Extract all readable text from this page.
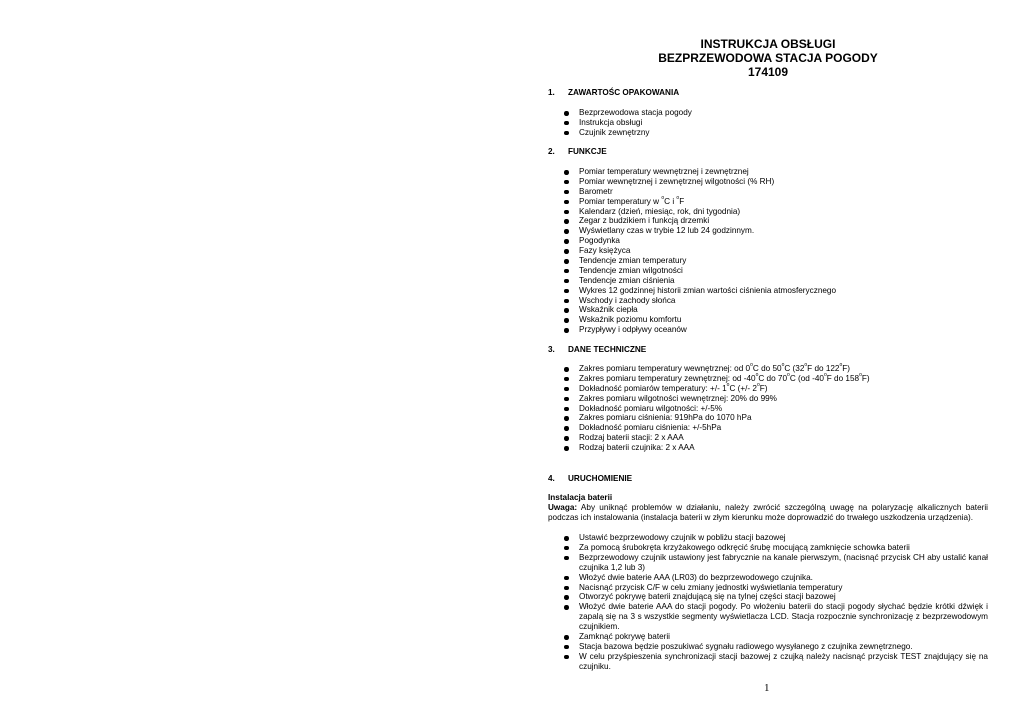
INSTRUKCJA OBSŁUGI
BEZPRZEWODOWA STACJA POGODY
174109
1. ZAWARTOŚC OPAKOWANIA
Bezprzewodowa stacja pogody
Instrukcja obsługi
Czujnik zewnętrzny
2. FUNKCJE
Pomiar temperatury wewnętrznej i zewnętrznej
Pomiar wewnętrznej i zewnętrznej wilgotności (% RH)
Barometr
Pomiar temperatury w $^o$C i $^o$F
Kalendarz (dzień, miesiąc, rok, dni tygodnia)
Zegar z budzikiem i funkcją drzemki
Wyświetlany czas w trybie 12 lub 24 godzinnym.
Pogodynka
Fazy księżyca
Tendencje zmian temperatury
Tendencje zmian wilgotności
Tendencje zmian ciśnienia
Wykres 12 godzinnej historii zmian wartości ciśnienia atmosferycznego
Wschody i zachody słońca
Wskaźnik ciepła
Wskaźnik poziomu komfortu
Przypływy i odpływy oceanów
3. DANE TECHNICZNE
Zakres pomiaru temperatury wewnętrznej: od 0$^o$C do 50$^o$C (32$^o$F do 122$^o$F)
Zakres pomiaru temperatury zewnętrznej: od -40$^o$C do 70$^o$C (od -40$^o$F do 158$^o$F)
Dokładność pomiarów temperatury: +/- 1$^o$C (+/- 2$^o$F)
Zakres pomiaru wilgotności wewnętrznej: 20% do 99%
Dokładność pomiaru wilgotności: +/-5%
Zakres pomiaru ciśnienia: 919hPa do 1070 hPa
Dokładność pomiaru ciśnienia: +/-5hPa
Rodzaj baterii stacji: 2 x AAA
Rodzaj baterii czujnika: 2 x AAA
4. URUCHOMIENIE
Instalacja baterii
Uwaga: Aby uniknąć problemów w działaniu, należy zwrócić szczególną uwagę na polaryzację alkalicznych baterii podczas ich instalowania (instalacja baterii w złym kierunku może doprowadzić do trwałego uszkodzenia urządzenia).
Ustawić bezprzewodowy czujnik w pobliżu stacji bazowej
Za pomocą śrubokręta krzyżakowego odkręcić śrubę mocującą zamknięcie schowka baterii
Bezprzewodowy czujnik ustawiony jest fabrycznie na kanale pierwszym, (nacisnąć przycisk CH aby ustalić kanał czujnika 1,2 lub 3)
Włożyć dwie baterie AAA (LR03) do bezprzewodowego czujnika.
Nacisnąć przycisk C/F w celu zmiany jednostki wyświetlania temperatury
Otworzyć pokrywę baterii znajdującą się na tylnej części stacji bazowej
Włożyć dwie baterie AAA do stacji pogody. Po włożeniu baterii do stacji pogody słychać będzie krótki dźwięk i zapalą się na 3 s wszystkie segmenty wyświetlacza LCD. Stacja rozpocznie synchronizację z bezprzewodowym czujnikiem.
Zamknąć pokrywę baterii
Stacja bazowa będzie poszukiwać sygnału radiowego wysyłanego z czujnika zewnętrznego.
W celu przyśpieszenia synchronizacji stacji bazowej z czujką należy nacisnąć przycisk TEST znajdujący się na czujniku.
1
